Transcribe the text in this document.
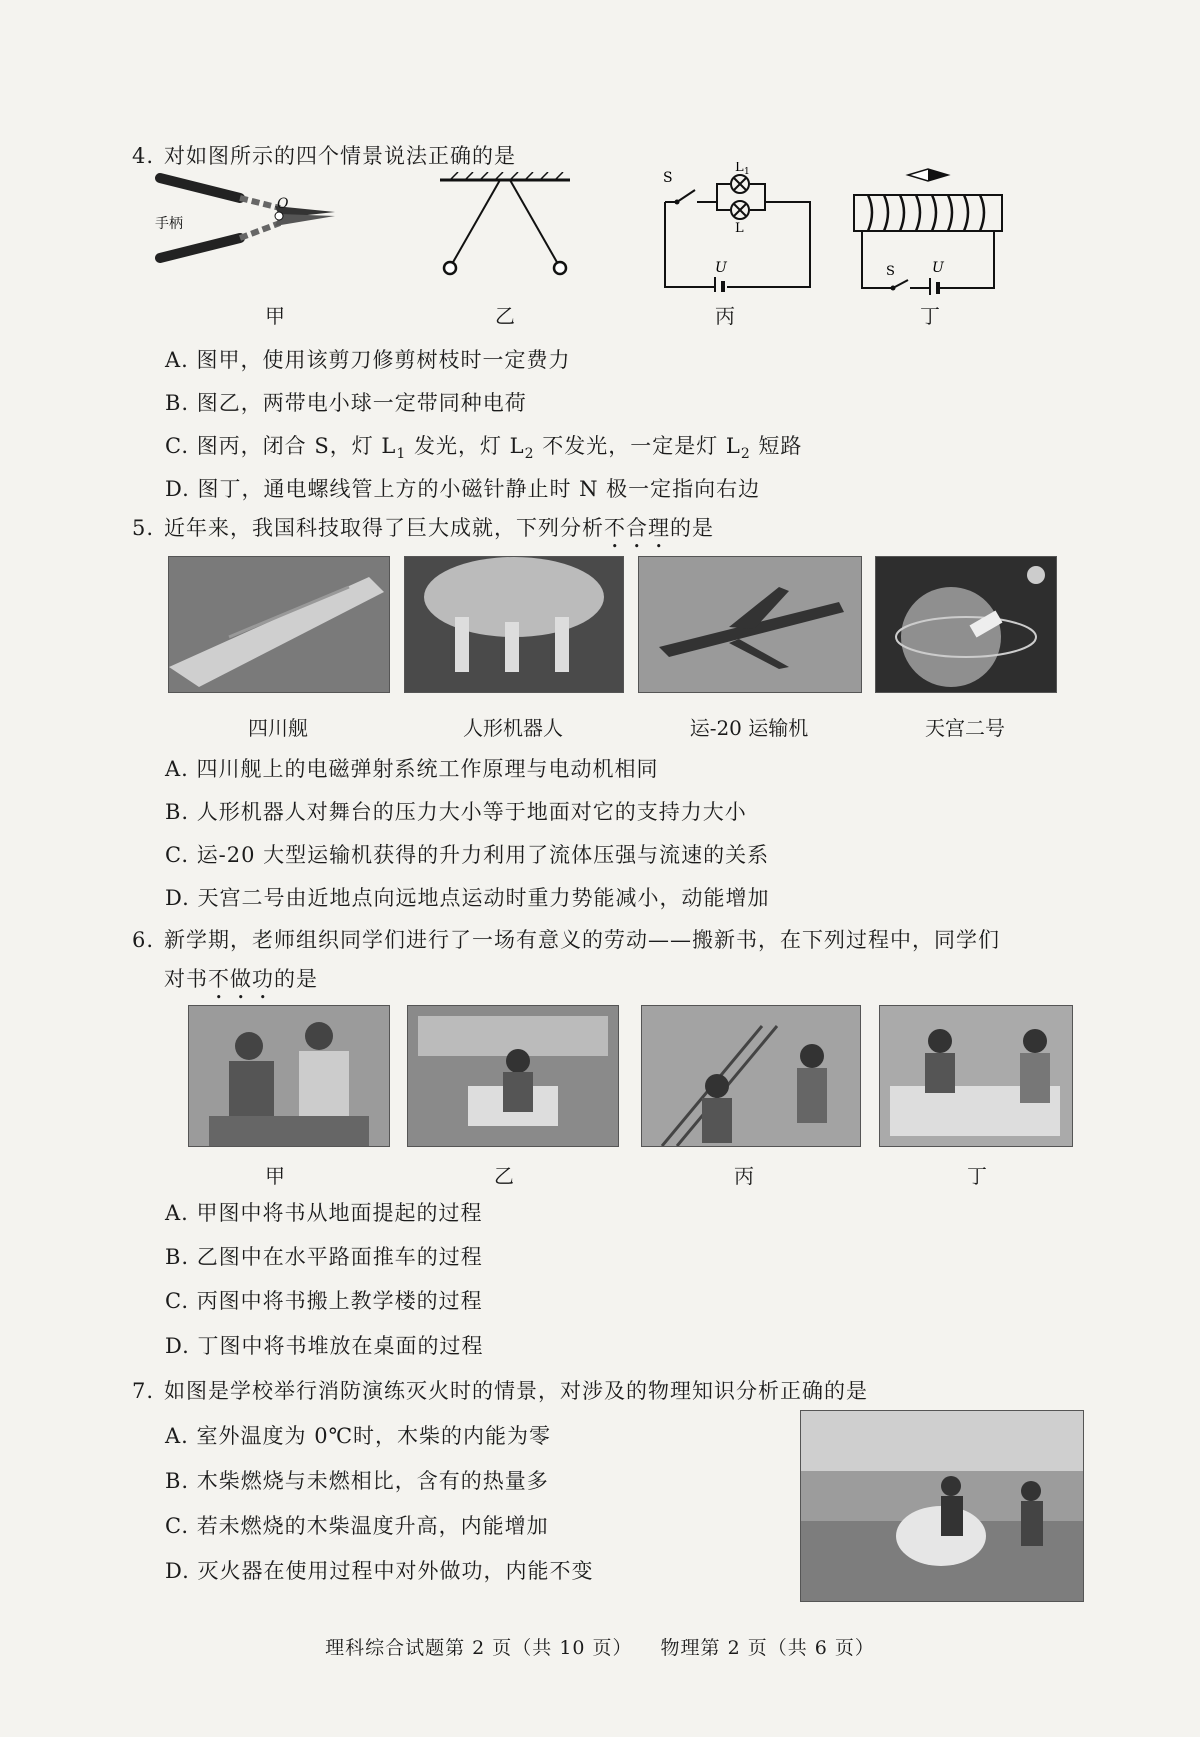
4. 对如图所示的四个情景说法正确的是
O
手柄
S
L 1
L
U	S	U
甲	乙	丙	丁
A. 图甲，使用该剪刀修剪树枝时一定费力
B. 图乙，两带电小球一定带同种电荷
C. 图丙，闭合 S，灯 $L_1$ 发光，灯 $L_2$ 不发光，一定是灯 $L_2$ 短路
D. 图丁，通电螺线管上方的小磁针静止时 N 极一定指向右边
5. 近年来，我国科技取得了巨大成就，下列分析不合理的是
四川舰	人形机器人	运-20 运输机	天宫二号
A. 四川舰上的电磁弹射系统工作原理与电动机相同
B. 人形机器人对舞台的压力大小等于地面对它的支持力大小
C. 运-20 大型运输机获得的升力利用了流体压强与流速的关系
D. 天宫二号由近地点向远地点运动时重力势能减小，动能增加
6. 新学期，老师组织同学们进行了一场有意义的劳动——搬新书，在下列过程中，同学们
对书不做功的是
甲	乙	丙	丁
A. 甲图中将书从地面提起的过程
B. 乙图中在水平路面推车的过程
C. 丙图中将书搬上教学楼的过程
D. 丁图中将书堆放在桌面的过程
7. 如图是学校举行消防演练灭火时的情景，对涉及的物理知识分析正确的是
A. 室外温度为 0℃时，木柴的内能为零
B. 木柴燃烧与未燃相比，含有的热量多
C. 若未燃烧的木柴温度升高，内能增加
D. 灭火器在使用过程中对外做功，内能不变
理科综合试题第 2 页（共 10 页） 物理第 2 页（共 6 页）
